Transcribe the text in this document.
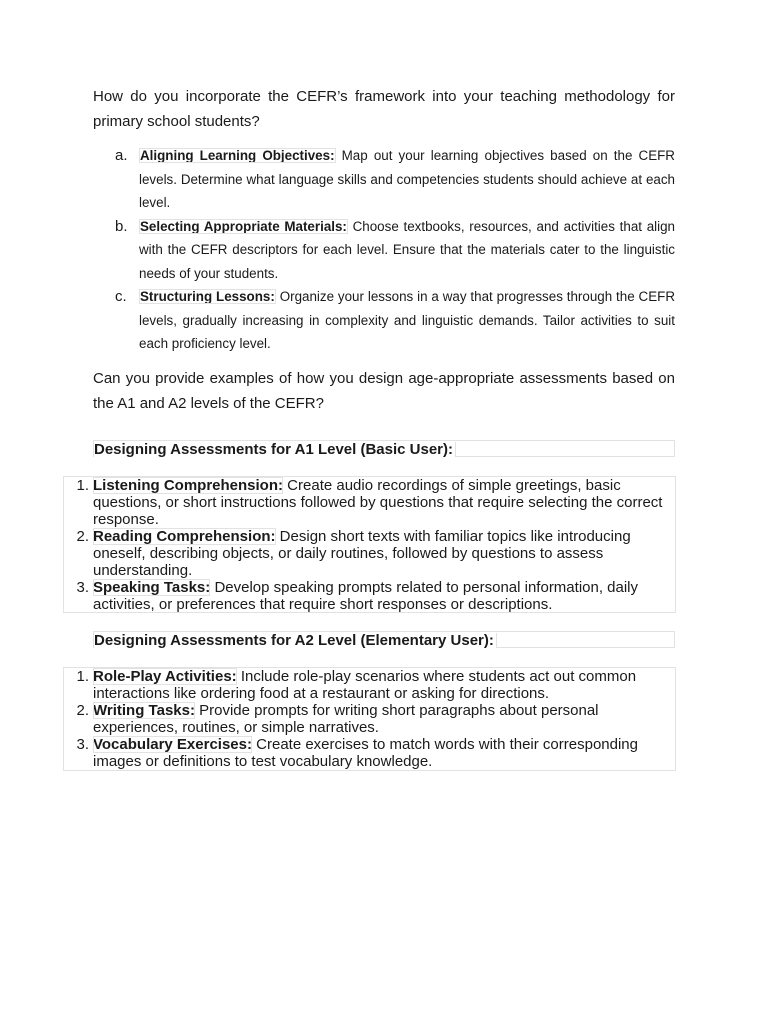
How do you incorporate the CEFR’s framework into your teaching methodology for primary school students?

a. Aligning Learning Objectives: Map out your learning objectives based on the CEFR levels. Determine what language skills and competencies students should achieve at each level.
b. Selecting Appropriate Materials: Choose textbooks, resources, and activities that align with the CEFR descriptors for each level. Ensure that the materials cater to the linguistic needs of your students.
c. Structuring Lessons: Organize your lessons in a way that progresses through the CEFR levels, gradually increasing in complexity and linguistic demands. Tailor activities to suit each proficiency level.

Can you provide examples of how you design age-appropriate assessments based on the A1 and A2 levels of the CEFR?

Designing Assessments for A1 Level (Basic User):
1. Listening Comprehension: Create audio recordings of simple greetings, basic questions, or short instructions followed by questions that require selecting the correct response.
2. Reading Comprehension: Design short texts with familiar topics like introducing oneself, describing objects, or daily routines, followed by questions to assess understanding.
3. Speaking Tasks: Develop speaking prompts related to personal information, daily activities, or preferences that require short responses or descriptions.
Designing Assessments for A2 Level (Elementary User):
1. Role-Play Activities: Include role-play scenarios where students act out common interactions like ordering food at a restaurant or asking for directions.
2. Writing Tasks: Provide prompts for writing short paragraphs about personal experiences, routines, or simple narratives.
3. Vocabulary Exercises: Create exercises to match words with their corresponding images or definitions to test vocabulary knowledge.
